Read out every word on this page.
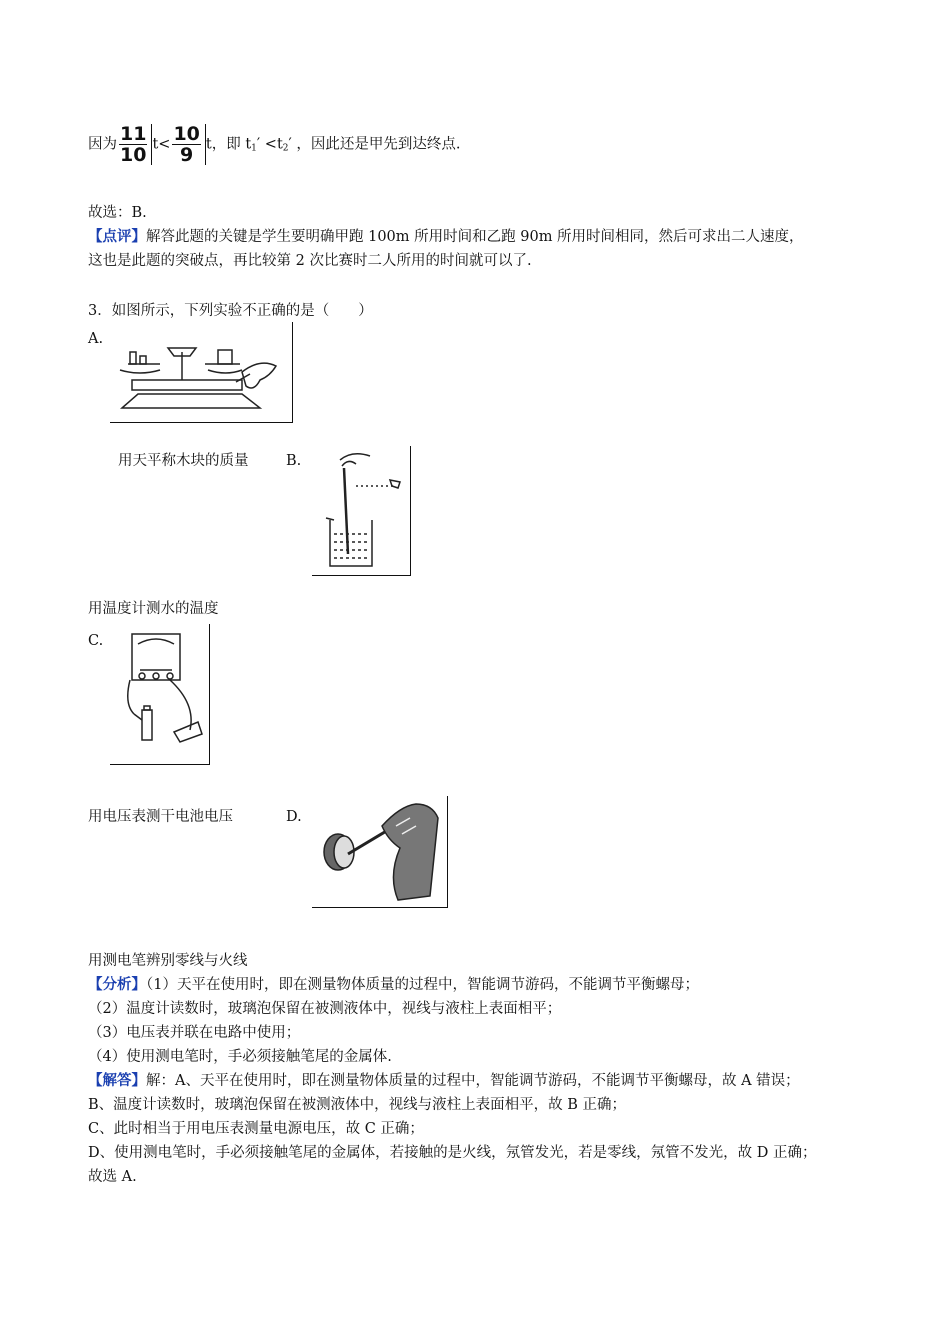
因为 $\frac{11}{10} t< \frac{10}{9}$ t，即 $t_1' <t_2'$ ，因此还是甲先到达终点.
故选：B.
【点评】解答此题的关键是学生要明确甲跑 100m 所用时间和乙跑 90m 所用时间相同，然后可求出二人速度，
这也是此题的突破点，再比较第 2 次比赛时二人所用的时间就可以了.
3．如图所示，下列实验不正确的是（　　）
A.
用天平称木块的质量	B.
用温度计测水的温度
C.
用电压表测干电池电压	D.
用测电笔辨别零线与火线
【分析】（1）天平在使用时，即在测量物体质量的过程中，智能调节游码，不能调节平衡螺母；
（2）温度计读数时，玻璃泡保留在被测液体中，视线与液柱上表面相平；
（3）电压表并联在电路中使用；
（4）使用测电笔时，手必须接触笔尾的金属体.
【解答】解：A、天平在使用时，即在测量物体质量的过程中，智能调节游码，不能调节平衡螺母，故 A 错误；
B、温度计读数时，玻璃泡保留在被测液体中，视线与液柱上表面相平，故 B 正确；
C、此时相当于用电压表测量电源电压，故 C 正确；
D、使用测电笔时，手必须接触笔尾的金属体，若接触的是火线，氖管发光，若是零线，氖管不发光，故 D 正确；
故选 A.
